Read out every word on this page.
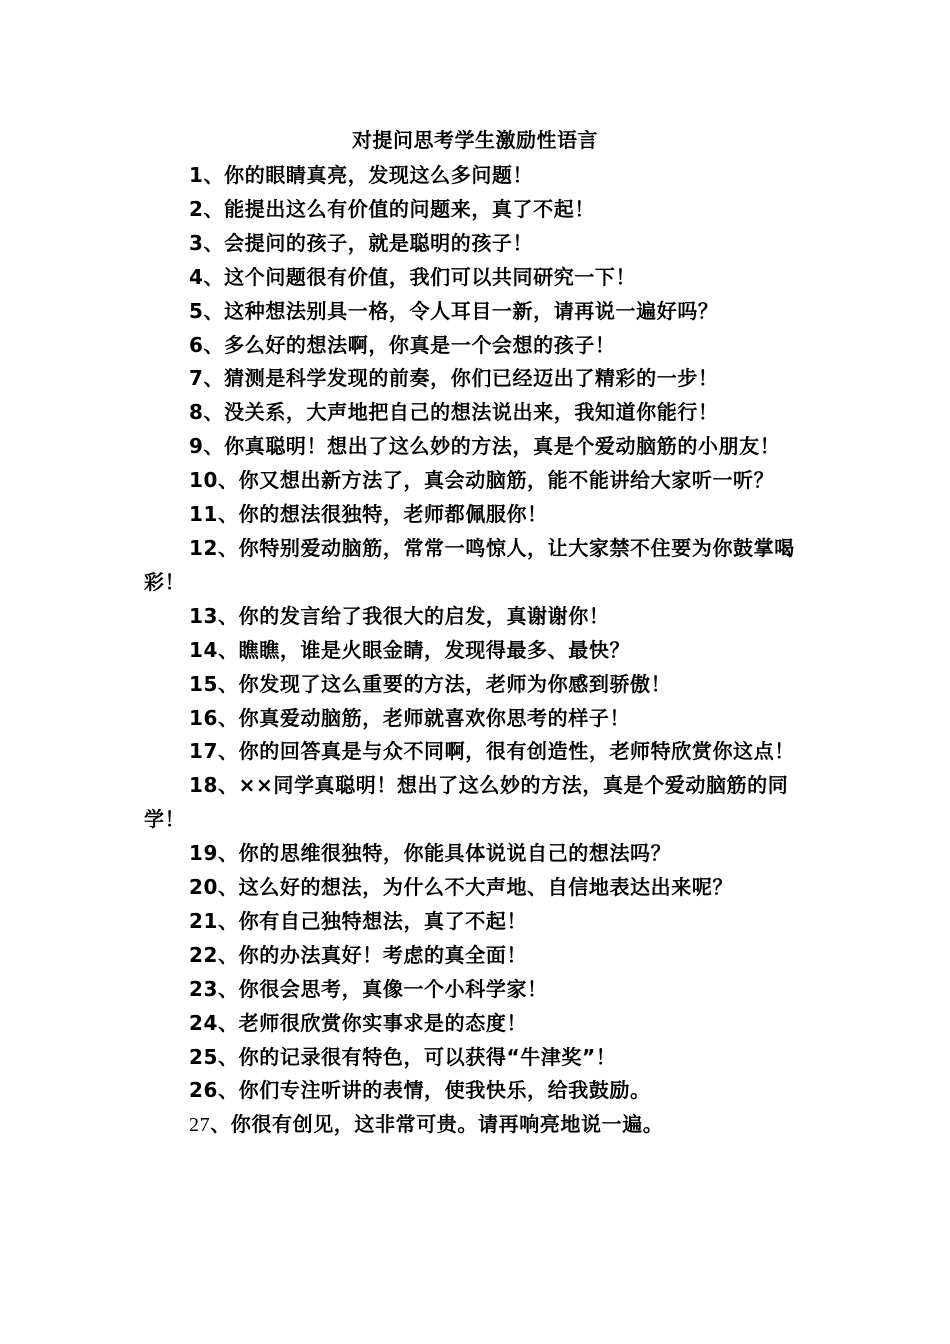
对提问思考学生激励性语言
1、你的眼睛真亮，发现这么多问题！
2、能提出这么有价值的问题来，真了不起！
3、会提问的孩子，就是聪明的孩子！
4、这个问题很有价值，我们可以共同研究一下！
5、这种想法别具一格，令人耳目一新，请再说一遍好吗？
6、多么好的想法啊，你真是一个会想的孩子！
7、猜测是科学发现的前奏，你们已经迈出了精彩的一步！
8、没关系，大声地把自己的想法说出来，我知道你能行！
9、你真聪明！想出了这么妙的方法，真是个爱动脑筋的小朋友！
10、你又想出新方法了，真会动脑筋，能不能讲给大家听一听？
11、你的想法很独特，老师都佩服你！
12、你特别爱动脑筋，常常一鸣惊人，让大家禁不住要为你鼓掌喝彩！
13、你的发言给了我很大的启发，真谢谢你！
14、瞧瞧，谁是火眼金睛，发现得最多、最快？
15、你发现了这么重要的方法，老师为你感到骄傲！
16、你真爱动脑筋，老师就喜欢你思考的样子！
17、你的回答真是与众不同啊，很有创造性，老师特欣赏你这点！
18、××同学真聪明！想出了这么妙的方法，真是个爱动脑筋的同学！
19、你的思维很独特，你能具体说说自己的想法吗？
20、这么好的想法，为什么不大声地、自信地表达出来呢？
21、你有自己独特想法，真了不起！
22、你的办法真好！考虑的真全面！
23、你很会思考，真像一个小科学家！
24、老师很欣赏你实事求是的态度！
25、你的记录很有特色，可以获得“牛津奖”！
26、你们专注听讲的表情，使我快乐，给我鼓励。
27、你很有创见，这非常可贵。请再响亮地说一遍。
